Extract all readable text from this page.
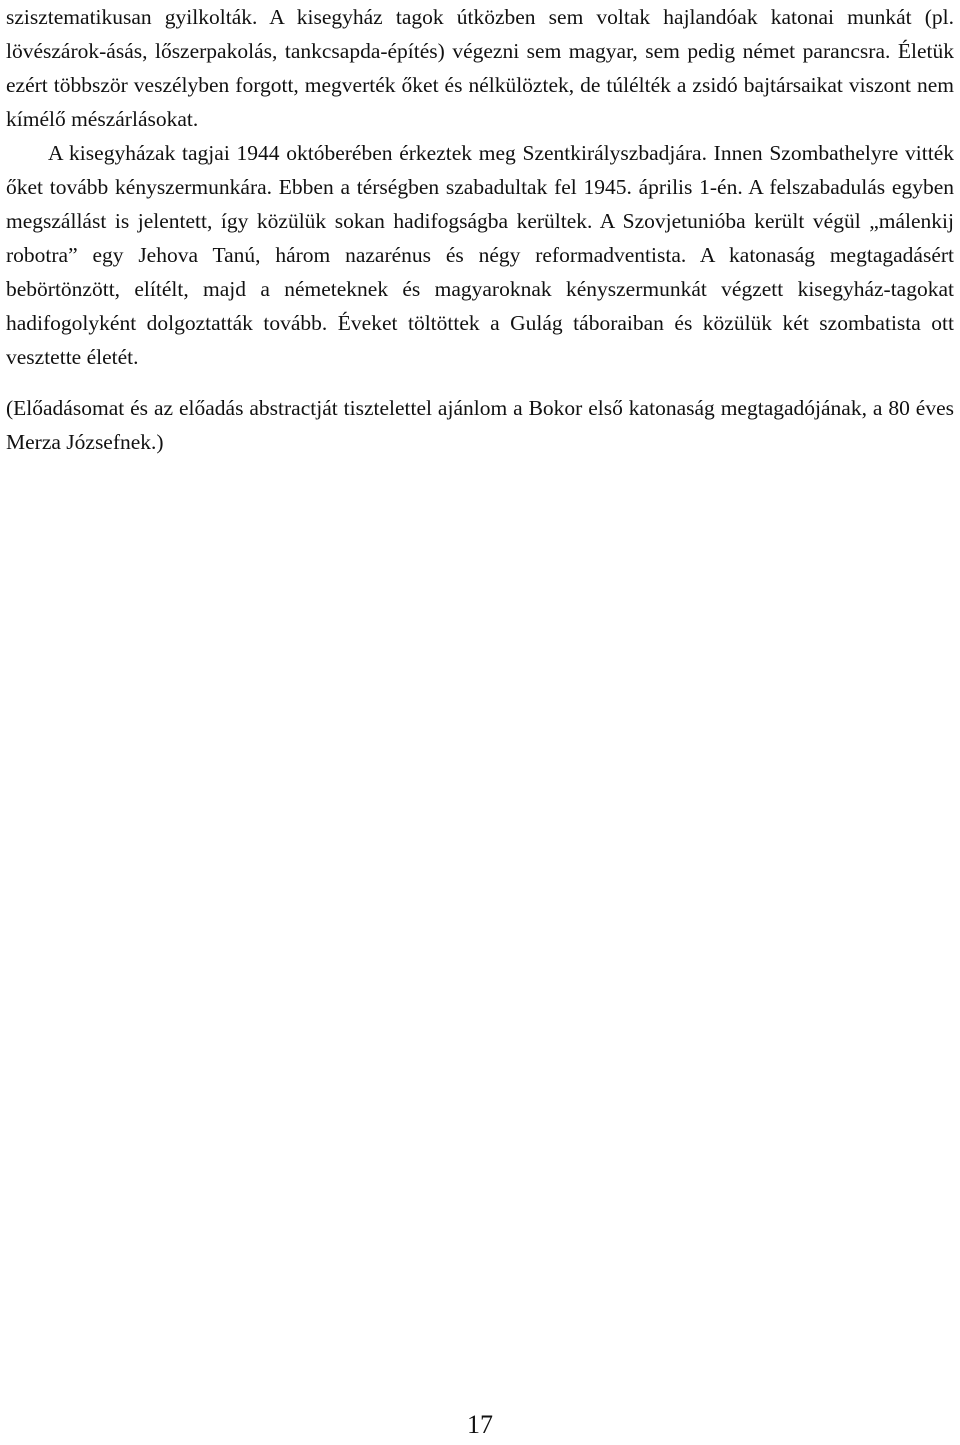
szisztematikusan gyilkolták. A kisegyház tagok útközben sem voltak hajlandóak katonai munkát (pl. lövészárok-ásás, lőszerpakolás, tankcsapda-építés) végezni sem magyar, sem pedig német parancsra. Életük ezért többször veszélyben forgott, megverték őket és nélkülöztek, de túlélték a zsidó bajtársaikat viszont nem kímélő mészárlásokat.

A kisegyházak tagjai 1944 októberében érkeztek meg Szentkirályszbadjára. Innen Szombathelyre vitték őket tovább kényszermunkára. Ebben a térségben szabadultak fel 1945. április 1-én. A felszabadulás egyben megszállást is jelentett, így közülük sokan hadifogságba kerültek. A Szovjetunióba került végül „málenkij robotra” egy Jehova Tanú, három nazarénus és négy reformadventista. A katonaság megtagadásért bebörtönzött, elítélt, majd a németeknek és magyaroknak kényszermunkát végzett kisegyház-tagokat hadifogolyként dolgoztatták tovább. Éveket töltöttek a Gulág táboraiban és közülük két szombatista ott vesztette életét.

(Előadásomat és az előadás abstractját tisztelettel ajánlom a Bokor első katonaság megtagadójának, a 80 éves Merza Józsefnek.)

17
